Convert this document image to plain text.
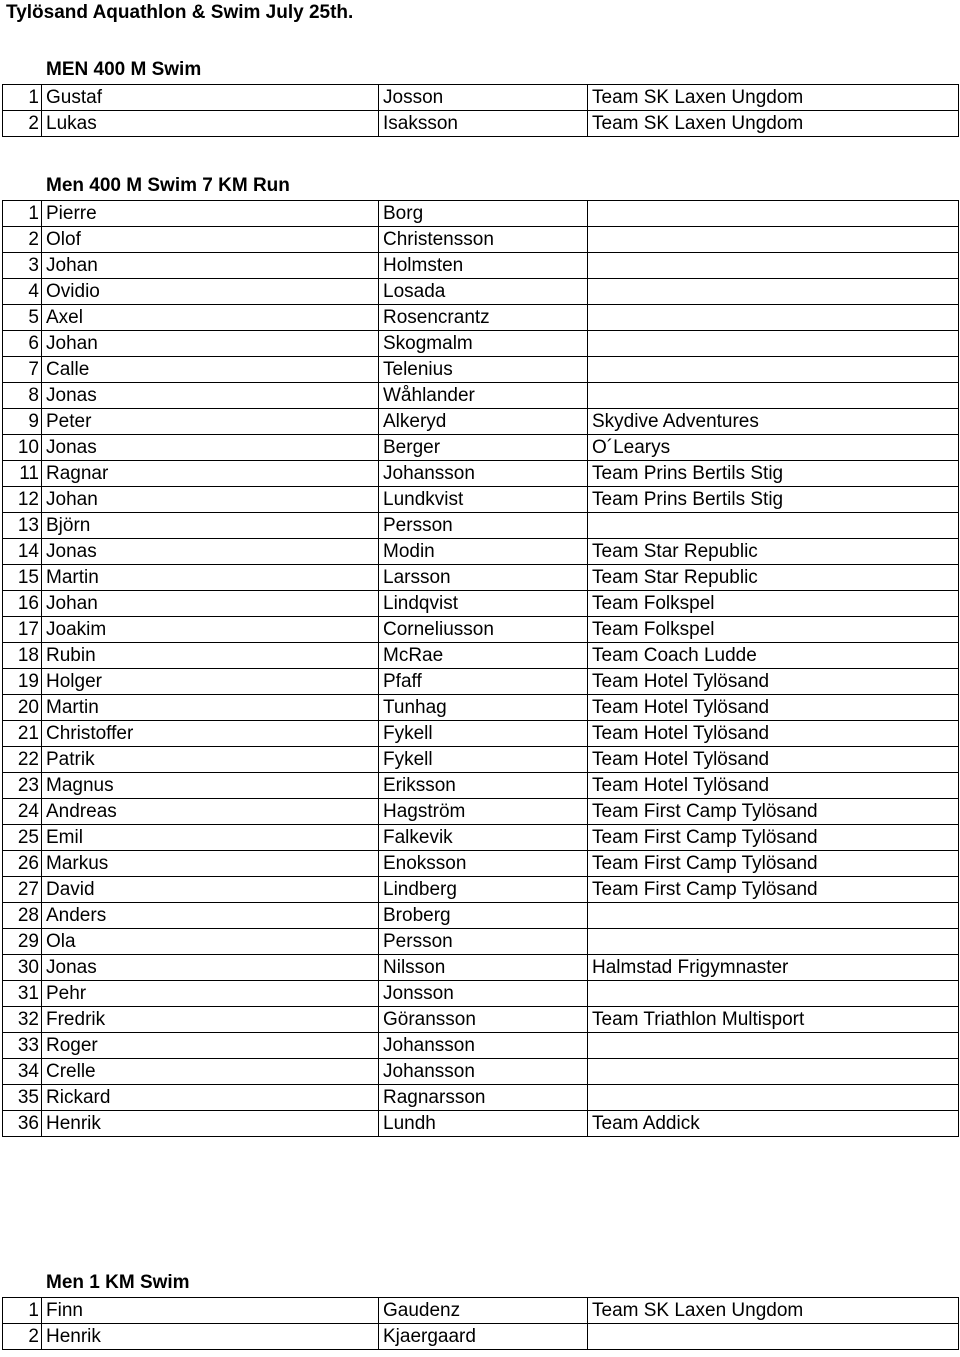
Tylösand Aquathlon & Swim July 25th.
MEN 400 M Swim
1	Gustaf	Josson	Team SK Laxen Ungdom
2	Lukas	Isaksson	Team SK Laxen Ungdom
Men 400 M Swim 7 KM Run
1	Pierre	Borg	
2	Olof	Christensson	
3	Johan	Holmsten	
4	Ovidio	Losada	
5	Axel	Rosencrantz	
6	Johan	Skogmalm	
7	Calle	Telenius	
8	Jonas	Wåhlander	
9	Peter	Alkeryd	Skydive Adventures
10	Jonas	Berger	O´Learys
11	Ragnar	Johansson	Team Prins Bertils Stig
12	Johan	Lundkvist	Team Prins Bertils Stig
13	Björn	Persson	
14	Jonas	Modin	Team Star Republic
15	Martin	Larsson	Team Star Republic
16	Johan	Lindqvist	Team Folkspel
17	Joakim	Corneliusson	Team Folkspel
18	Rubin	McRae	Team Coach Ludde
19	Holger	Pfaff	Team Hotel Tylösand
20	Martin	Tunhag	Team Hotel Tylösand
21	Christoffer	Fykell	Team Hotel Tylösand
22	Patrik	Fykell	Team Hotel Tylösand
23	Magnus	Eriksson	Team Hotel Tylösand
24	Andreas	Hagström	Team First Camp Tylösand
25	Emil	Falkevik	Team First Camp Tylösand
26	Markus	Enoksson	Team First Camp Tylösand
27	David	Lindberg	Team First Camp Tylösand
28	Anders	Broberg	
29	Ola	Persson	
30	Jonas	Nilsson	Halmstad Frigymnaster
31	Pehr	Jonsson	
32	Fredrik	Göransson	Team Triathlon Multisport
33	Roger	Johansson	
34	Crelle	Johansson	
35	Rickard	Ragnarsson	
36	Henrik	Lundh	Team Addick
Men 1 KM Swim
1	Finn	Gaudenz	Team SK Laxen Ungdom
2	Henrik	Kjaergaard	
